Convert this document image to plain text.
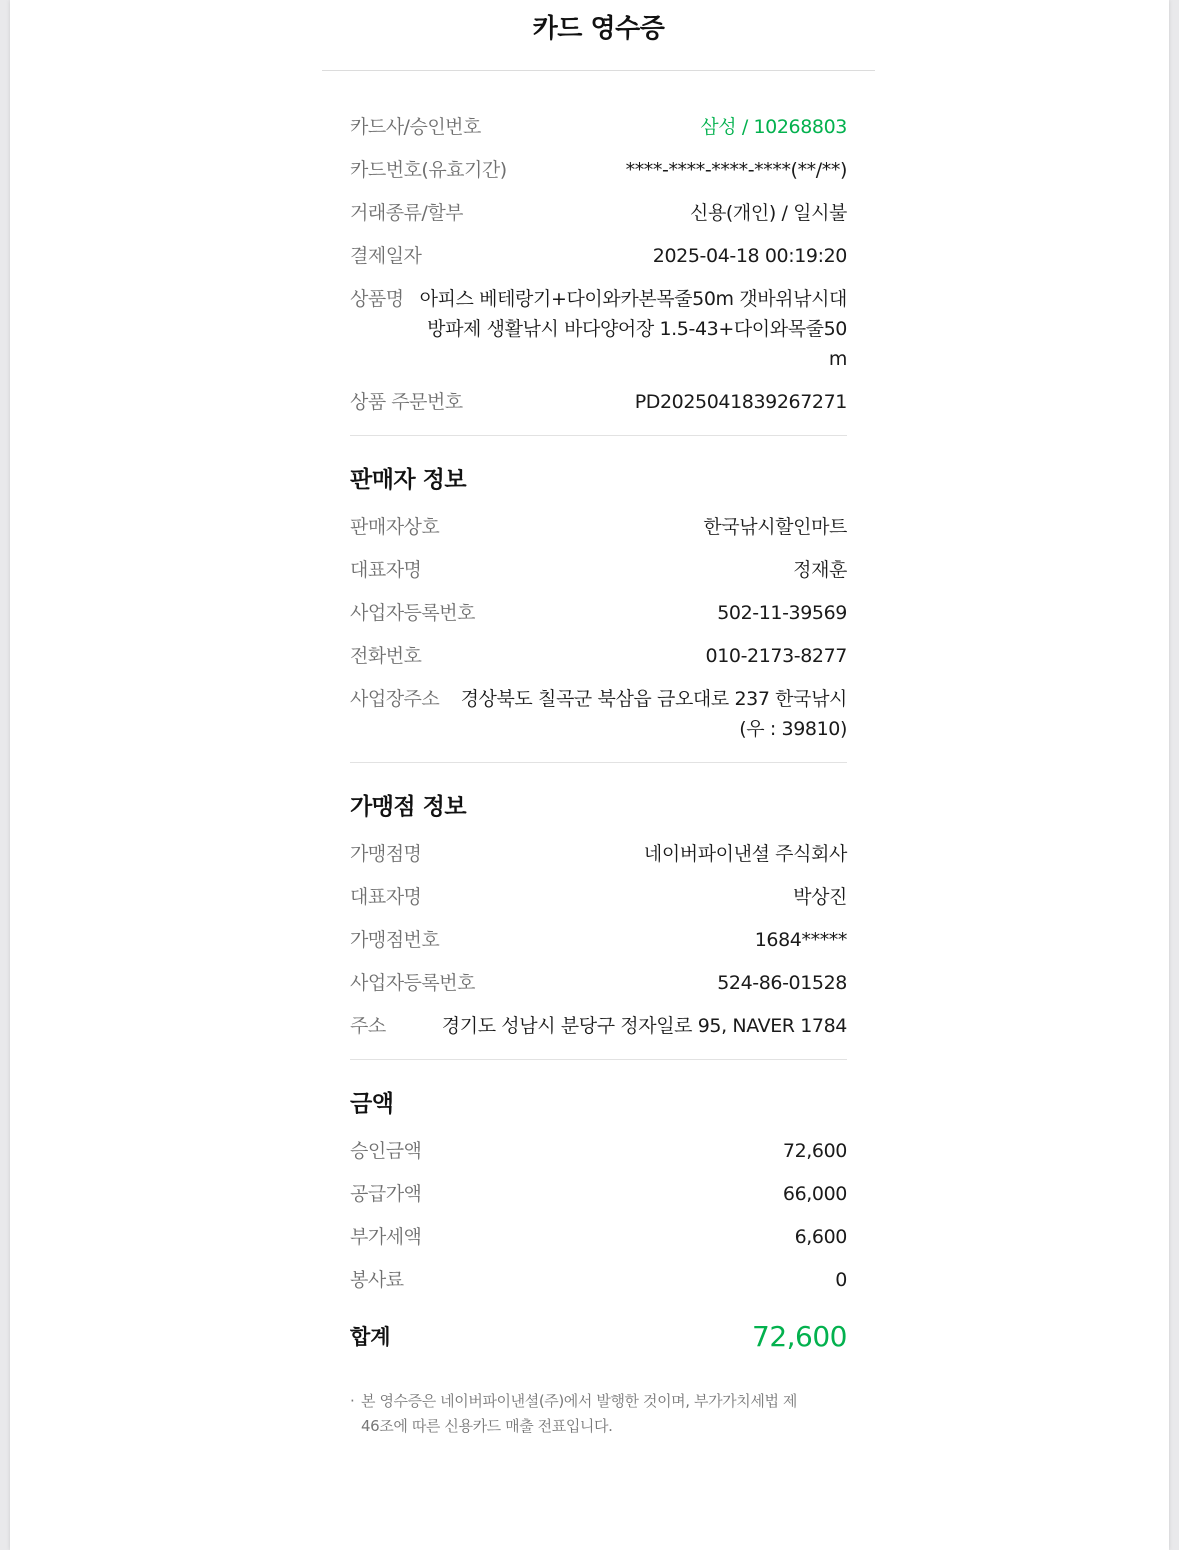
카드 영수증
카드사/승인번호	삼성 / 10268803
카드번호(유효기간)	****-****-****-****(**/**)
거래종류/할부	신용(개인) / 일시불
결제일자	2025-04-18 00:19:20
상품명 아피스 베테랑기+다이와카본목줄50m 갯바위낚시대 방파제 생활낚시 바다양어장 1.5-43+다이와목줄50m
상품 주문번호	PD2025041839267271
판매자 정보
판매자상호	한국낚시할인마트
대표자명	정재훈
사업자등록번호	502-11-39569
전화번호	010-2173-8277
사업장주소 경상북도 칠곡군 북삼읍 금오대로 237 한국낚시 (우 : 39810)
가맹점 정보
가맹점명	네이버파이낸셜 주식회사
대표자명	박상진
가맹점번호	1684*****
사업자등록번호	524-86-01528
주소	경기도 성남시 분당구 정자일로 95, NAVER 1784
금액
승인금액	72,600
공급가액	66,000
부가세액	6,600
봉사료	0
합계	72,600
· 본 영수증은 네이버파이낸셜(주)에서 발행한 것이며, 부가가치세법 제46조에 따른 신용카드 매출 전표입니다.
